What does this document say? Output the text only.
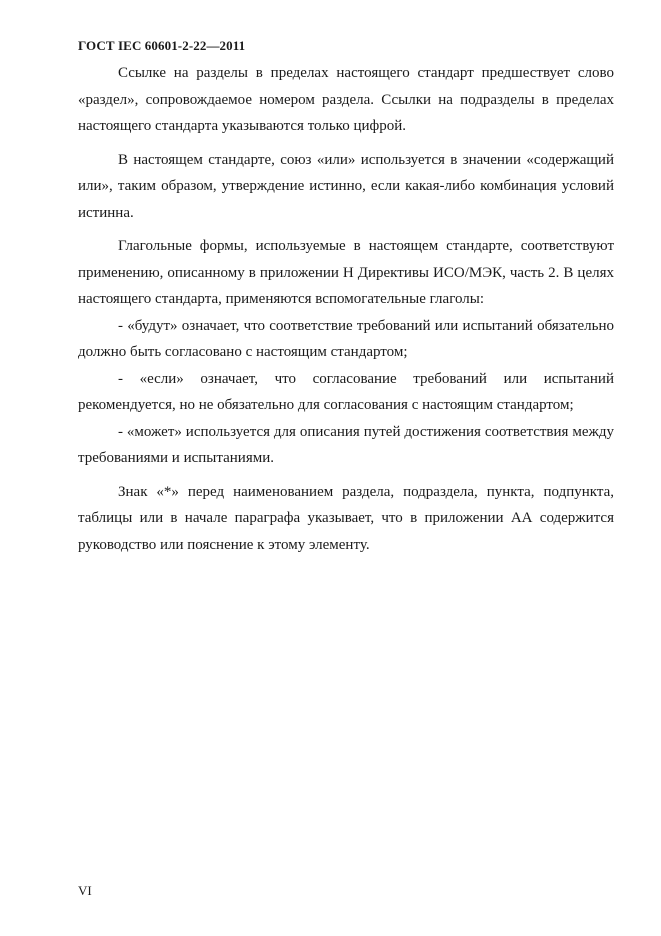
ГОСТ IEC 60601-2-22—2011

Ссылке на разделы в пределах настоящего стандарт предшествует слово «раздел», сопровождаемое номером раздела. Ссылки на подразделы в пределах настоящего стандарта указываются только цифрой.

В настоящем стандарте, союз «или» используется в значении «содержащий или», таким образом, утверждение истинно, если какая-либо комбинация условий истинна.

Глагольные формы, используемые в настоящем стандарте, соответствуют применению, описанному в приложении H Директивы ИСО/МЭК, часть 2. В целях настоящего стандарта, применяются вспомогательные глаголы:

- «будут» означает, что соответствие требований или испытаний обязательно должно быть согласовано с настоящим стандартом;

- «если» означает, что согласование требований или испытаний рекомендуется, но не обязательно для согласования с настоящим стандартом;

- «может» используется для описания путей достижения соответствия между требованиями и испытаниями.

Знак «*» перед наименованием раздела, подраздела, пункта, подпункта, таблицы или в начале параграфа указывает, что в приложении АА содержится руководство или пояснение к этому элементу.

VI
